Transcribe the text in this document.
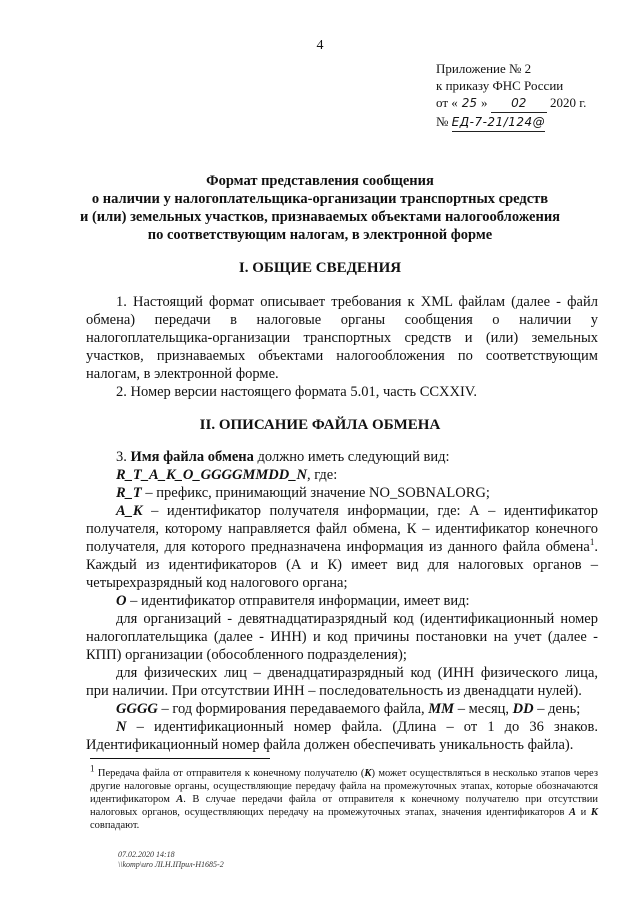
4
Приложение № 2
к приказу ФНС России
от « 25 » 02 2020 г.
№ ЕД-7-21/124@
Формат представления сообщения
о наличии у налогоплательщика-организации транспортных средств
и (или) земельных участков, признаваемых объектами налогообложения
по соответствующим налогам, в электронной форме
I. ОБЩИЕ СВЕДЕНИЯ

1. Настоящий формат описывает требования к XML файлам (далее - файл обмена) передачи в налоговые органы сообщения о наличии у налогоплательщика-организации транспортных средств и (или) земельных участков, признаваемых объектами налогообложения по соответствующим налогам, в электронной форме.

2. Номер версии настоящего формата 5.01, часть CCXXIV.

II. ОПИСАНИЕ ФАЙЛА ОБМЕНА

3. Имя файла обмена должно иметь следующий вид:

R_T_A_K_O_GGGGMMDD_N, где:

R_T – префикс, принимающий значение NO_SOBNALORG;

A_K – идентификатор получателя информации, где: А – идентификатор получателя, которому направляется файл обмена, К – идентификатор конечного получателя, для которого предназначена информация из данного файла обмена$^1$. Каждый из идентификаторов (А и К) имеет вид для налоговых органов – четырехразрядный код налогового органа;

O – идентификатор отправителя информации, имеет вид:

для организаций - девятнадцатиразрядный код (идентификационный номер налогоплательщика (далее - ИНН) и код причины постановки на учет (далее - КПП) организации (обособленного подразделения);

для физических лиц – двенадцатиразрядный код (ИНН физического лица, при наличии. При отсутствии ИНН – последовательность из двенадцати нулей).

GGGG – год формирования передаваемого файла, MM – месяц, DD – день;

N – идентификационный номер файла. (Длина – от 1 до 36 знаков. Идентификационный номер файла должен обеспечивать уникальность файла).

$^1$ Передача файла от отправителя к конечному получателю (К) может осуществляться в несколько этапов через другие налоговые органы, осуществляющие передачу файла на промежуточных этапах, которые обозначаются идентификатором А. В случае передачи файла от отправителя к конечному получателю при отсутствии налоговых органов, осуществляющих передачу на промежуточных этапах, значения идентификаторов А и К совпадают.
07.02.2020 14:18
\\komp\uro ЛІ.Н.ІПрил-Н1685-2
